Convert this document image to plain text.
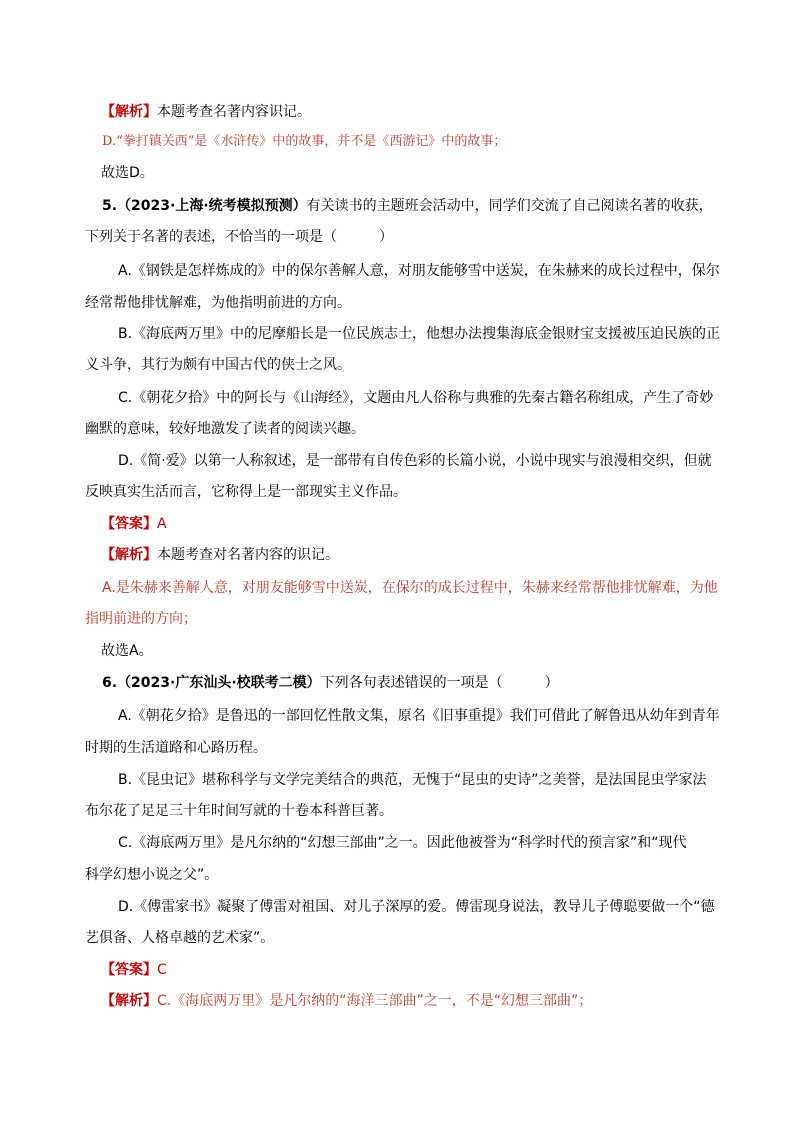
【解析】本题考查名著内容识记。
D.“拳打镇关西”是《水浒传》中的故事，并不是《西游记》中的故事；
故选D。
5.（2023·上海·统考模拟预测）有关读书的主题班会活动中，同学们交流了自己阅读名著的收获，
下列关于名著的表述，不恰当的一项是（　　　）
A.《钢铁是怎样炼成的》中的保尔善解人意，对朋友能够雪中送炭，在朱赫来的成长过程中，保尔
经常帮他排忧解难，为他指明前进的方向。
B.《海底两万里》中的尼摩船长是一位民族志士，他想办法搜集海底金银财宝支援被压迫民族的正
义斗争，其行为颇有中国古代的侠士之风。
C.《朝花夕拾》中的阿长与《山海经》，文题由凡人俗称与典雅的先秦古籍名称组成，产生了奇妙
幽默的意味，较好地激发了读者的阅读兴趣。
D.《简·爱》以第一人称叙述，是一部带有自传色彩的长篇小说，小说中现实与浪漫相交织，但就
反映真实生活而言，它称得上是一部现实主义作品。
【答案】A
【解析】本题考查对名著内容的识记。
A.是朱赫来善解人意，对朋友能够雪中送炭，在保尔的成长过程中，朱赫来经常帮他排忧解难，为他
指明前进的方向；
故选A。
6.（2023·广东汕头·校联考二模）下列各句表述错误的一项是（　　　）
A.《朝花夕拾》是鲁迅的一部回忆性散文集，原名《旧事重提》我们可借此了解鲁迅从幼年到青年
时期的生活道路和心路历程。
B.《昆虫记》堪称科学与文学完美结合的典范，无愧于“昆虫的史诗”之美誉，是法国昆虫学家法
布尔花了足足三十年时间写就的十卷本科普巨著。
C.《海底两万里》是凡尔纳的“幻想三部曲”之一。因此他被誉为“科学时代的预言家”和“现代
科学幻想小说之父”。
D.《傅雷家书》凝聚了傅雷对祖国、对儿子深厚的爱。傅雷现身说法，教导儿子傅聪要做一个“德
艺俱备、人格卓越的艺术家”。
【答案】C
【解析】C.《海底两万里》是凡尔纳的“海洋三部曲”之一，不是“幻想三部曲”；
